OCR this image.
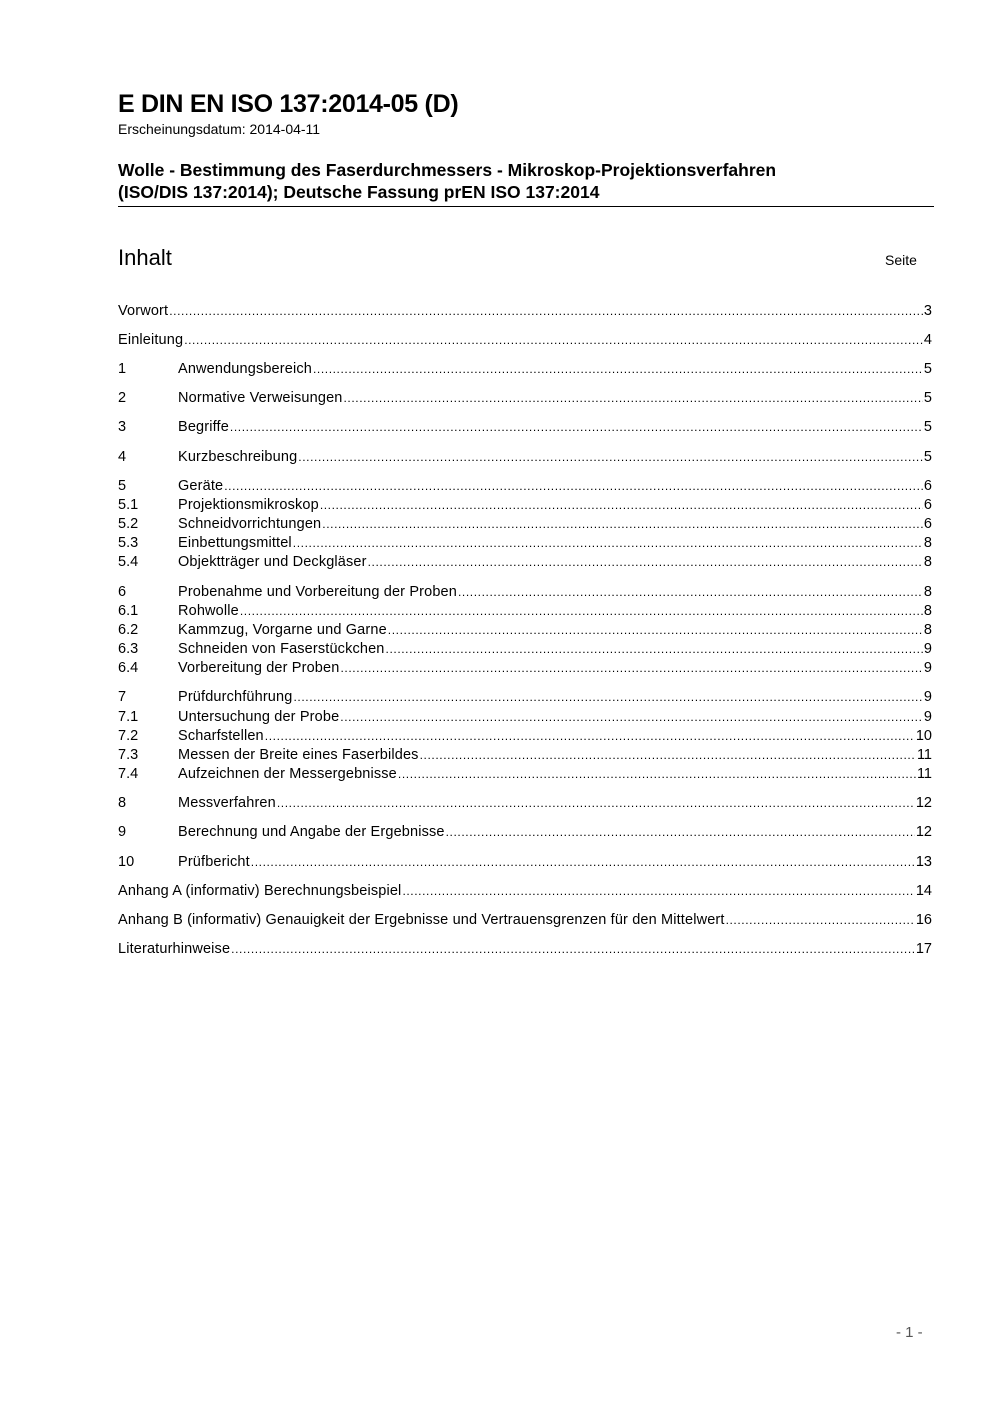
E DIN EN ISO 137:2014-05 (D)
Erscheinungsdatum: 2014-04-11
Wolle - Bestimmung des Faserdurchmessers - Mikroskop-Projektionsverfahren
(ISO/DIS 137:2014); Deutsche Fassung prEN ISO 137:2014
Inhalt	Seite
Vorwort .....	3
Einleitung .....	4
1	Anwendungsbereich .....	5
2	Normative Verweisungen .....	5
3	Begriffe .....	5
4	Kurzbeschreibung .....	5
5	Geräte .....	6
5.1	Projektionsmikroskop .....	6
5.2	Schneidvorrichtungen .....	6
5.3	Einbettungsmittel .....	8
5.4	Objektträger und Deckgläser .....	8
6	Probenahme und Vorbereitung der Proben .....	8
6.1	Rohwolle .....	8
6.2	Kammzug, Vorgarne und Garne .....	8
6.3	Schneiden von Faserstückchen .....	9
6.4	Vorbereitung der Proben .....	9
7	Prüfdurchführung .....	9
7.1	Untersuchung der Probe .....	9
7.2	Scharfstellen .....	10
7.3	Messen der Breite eines Faserbildes .....	11
7.4	Aufzeichnen der Messergebnisse .....	11
8	Messverfahren .....	12
9	Berechnung und Angabe der Ergebnisse .....	12
10	Prüfbericht .....	13
Anhang A (informativ) Berechnungsbeispiel .....	14
Anhang B (informativ) Genauigkeit der Ergebnisse und Vertrauensgrenzen für den Mittelwert .....	16
Literaturhinweise .....	17
- 1 -
